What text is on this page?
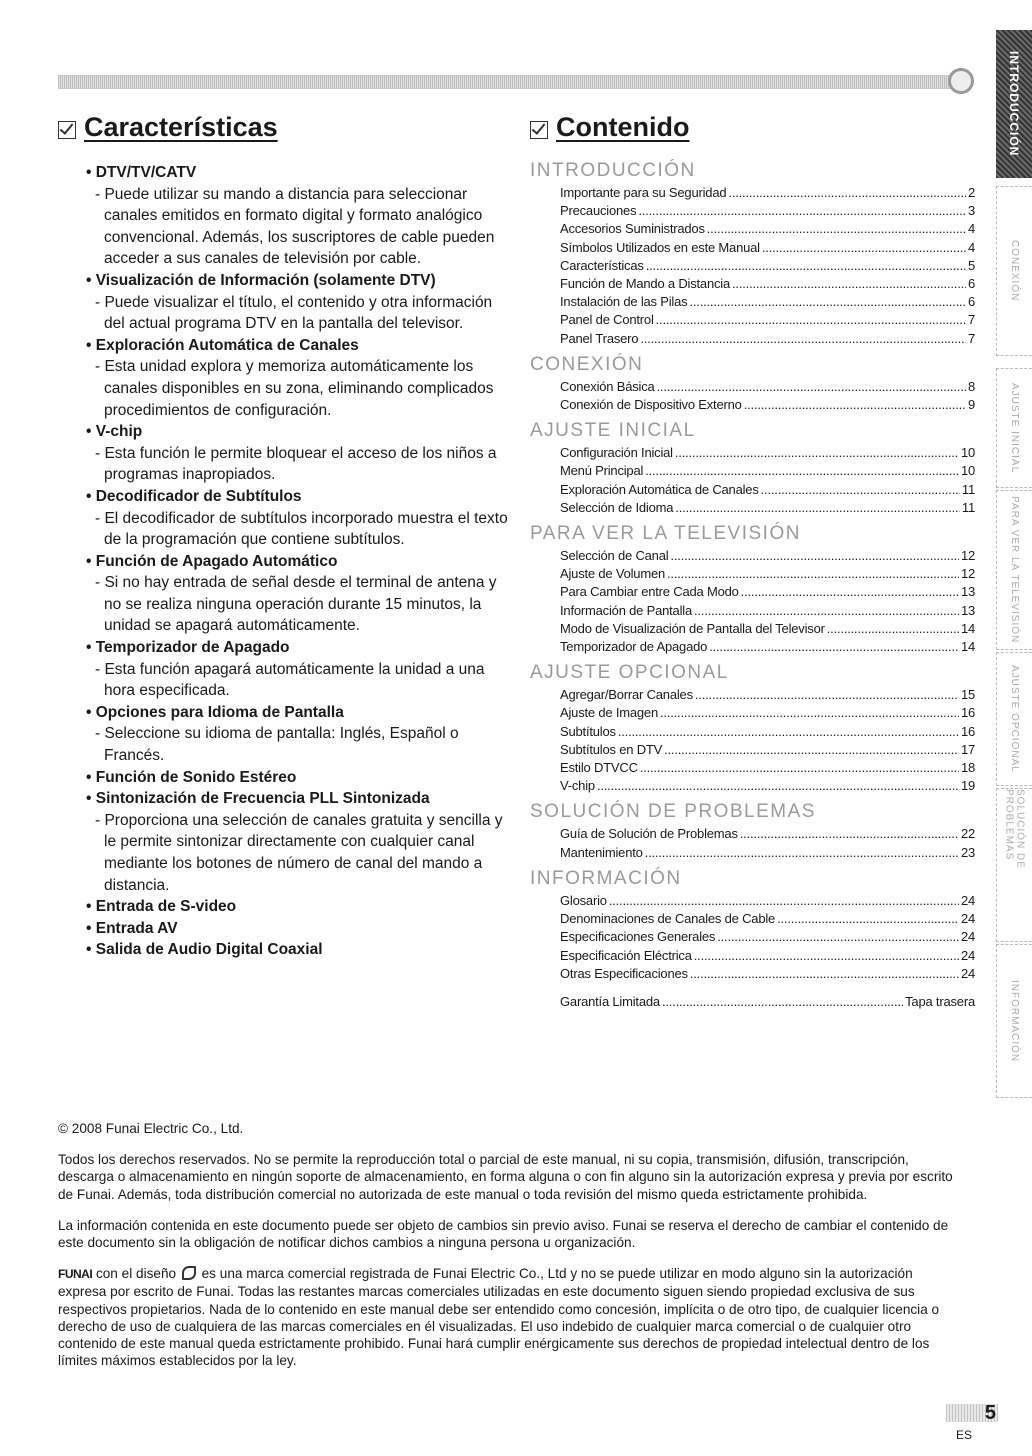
INTRODUCCIÓN
CONEXIÓN
AJUSTE INICIAL
PARA VER LA TELEVISIÓN
AJUSTE OPCIONAL
SOLUCIÓN DE PROBLEMAS
INFORMACIÓN
Características
• DTV/TV/CATV
- Puede utilizar su mando a distancia para seleccionar canales emitidos en formato digital y formato analógico convencional. Además, los suscriptores de cable pueden acceder a sus canales de televisión por cable.
• Visualización de Información (solamente DTV)
- Puede visualizar el título, el contenido y otra información del actual programa DTV en la pantalla del televisor.
• Exploración Automática de Canales
- Esta unidad explora y memoriza automáticamente los canales disponibles en su zona, eliminando complicados procedimientos de configuración.
• V-chip
- Esta función le permite bloquear el acceso de los niños a programas inapropiados.
• Decodificador de Subtítulos
- El decodificador de subtítulos incorporado muestra el texto de la programación que contiene subtítulos.
• Función de Apagado Automático
- Si no hay entrada de señal desde el terminal de antena y no se realiza ninguna operación durante 15 minutos, la unidad se apagará automáticamente.
• Temporizador de Apagado
- Esta función apagará automáticamente la unidad a una hora especificada.
• Opciones para Idioma de Pantalla
- Seleccione su idioma de pantalla: Inglés, Español o Francés.
• Función de Sonido Estéreo
• Sintonización de Frecuencia PLL Sintonizada
- Proporciona una selección de canales gratuita y sencilla y le permite sintonizar directamente con cualquier canal mediante los botones de número de canal del mando a distancia.
• Entrada de S-video
• Entrada AV
• Salida de Audio Digital Coaxial
Contenido
INTRODUCCIÓN
Importante para su Seguridad .....	2
Precauciones .....	3
Accesorios Suministrados .....	4
Símbolos Utilizados en este Manual .....	4
Características .....	5
Función de Mando a Distancia .....	6
Instalación de las Pilas .....	6
Panel de Control .....	7
Panel Trasero .....	7
CONEXIÓN
Conexión Básica .....	8
Conexión de Dispositivo Externo .....	9
AJUSTE INICIAL
Configuración Inicial .....	10
Menú Principal .....	10
Exploración Automática de Canales .....	11
Selección de Idioma .....	11
PARA VER LA TELEVISIÓN
Selección de Canal .....	12
Ajuste de Volumen .....	12
Para Cambiar entre Cada Modo .....	13
Información de Pantalla .....	13
Modo de Visualización de Pantalla del Televisor .....	14
Temporizador de Apagado .....	14
AJUSTE OPCIONAL
Agregar/Borrar Canales .....	15
Ajuste de Imagen .....	16
Subtítulos .....	16
Subtítulos en DTV .....	17
Estilo DTVCC .....	18
V-chip .....	19
SOLUCIÓN DE PROBLEMAS
Guía de Solución de Problemas .....	22
Mantenimiento .....	23
INFORMACIÓN
Glosario .....	24
Denominaciones de Canales de Cable .....	24
Especificaciones Generales .....	24
Especificación Eléctrica .....	24
Otras Especificaciones .....	24
Garantía Limitada .....	Tapa trasera

© 2008 Funai Electric Co., Ltd.

Todos los derechos reservados. No se permite la reproducción total o parcial de este manual, ni su copia, transmisión, difusión, transcripción, descarga o almacenamiento en ningún soporte de almacenamiento, en forma alguna o con fin alguno sin la autorización expresa y previa por escrito de Funai. Además, toda distribución comercial no autorizada de este manual o toda revisión del mismo queda estrictamente prohibida.

La información contenida en este documento puede ser objeto de cambios sin previo aviso. Funai se reserva el derecho de cambiar el contenido de este documento sin la obligación de notificar dichos cambios a ninguna persona u organización.

FUNAI con el diseño es una marca comercial registrada de Funai Electric Co., Ltd y no se puede utilizar en modo alguno sin la autorización expresa por escrito de Funai. Todas las restantes marcas comerciales utilizadas en este documento siguen siendo propiedad exclusiva de sus respectivos propietarios. Nada de lo contenido en este manual debe ser entendido como concesión, implícita o de otro tipo, de cualquier licencia o derecho de uso de cualquiera de las marcas comerciales en él visualizadas. El uso indebido de cualquier marca comercial o de cualquier otro contenido de este manual queda estrictamente prohibido. Funai hará cumplir enérgicamente sus derechos de propiedad intelectual dentro de los límites máximos establecidos por la ley.

5
ES
